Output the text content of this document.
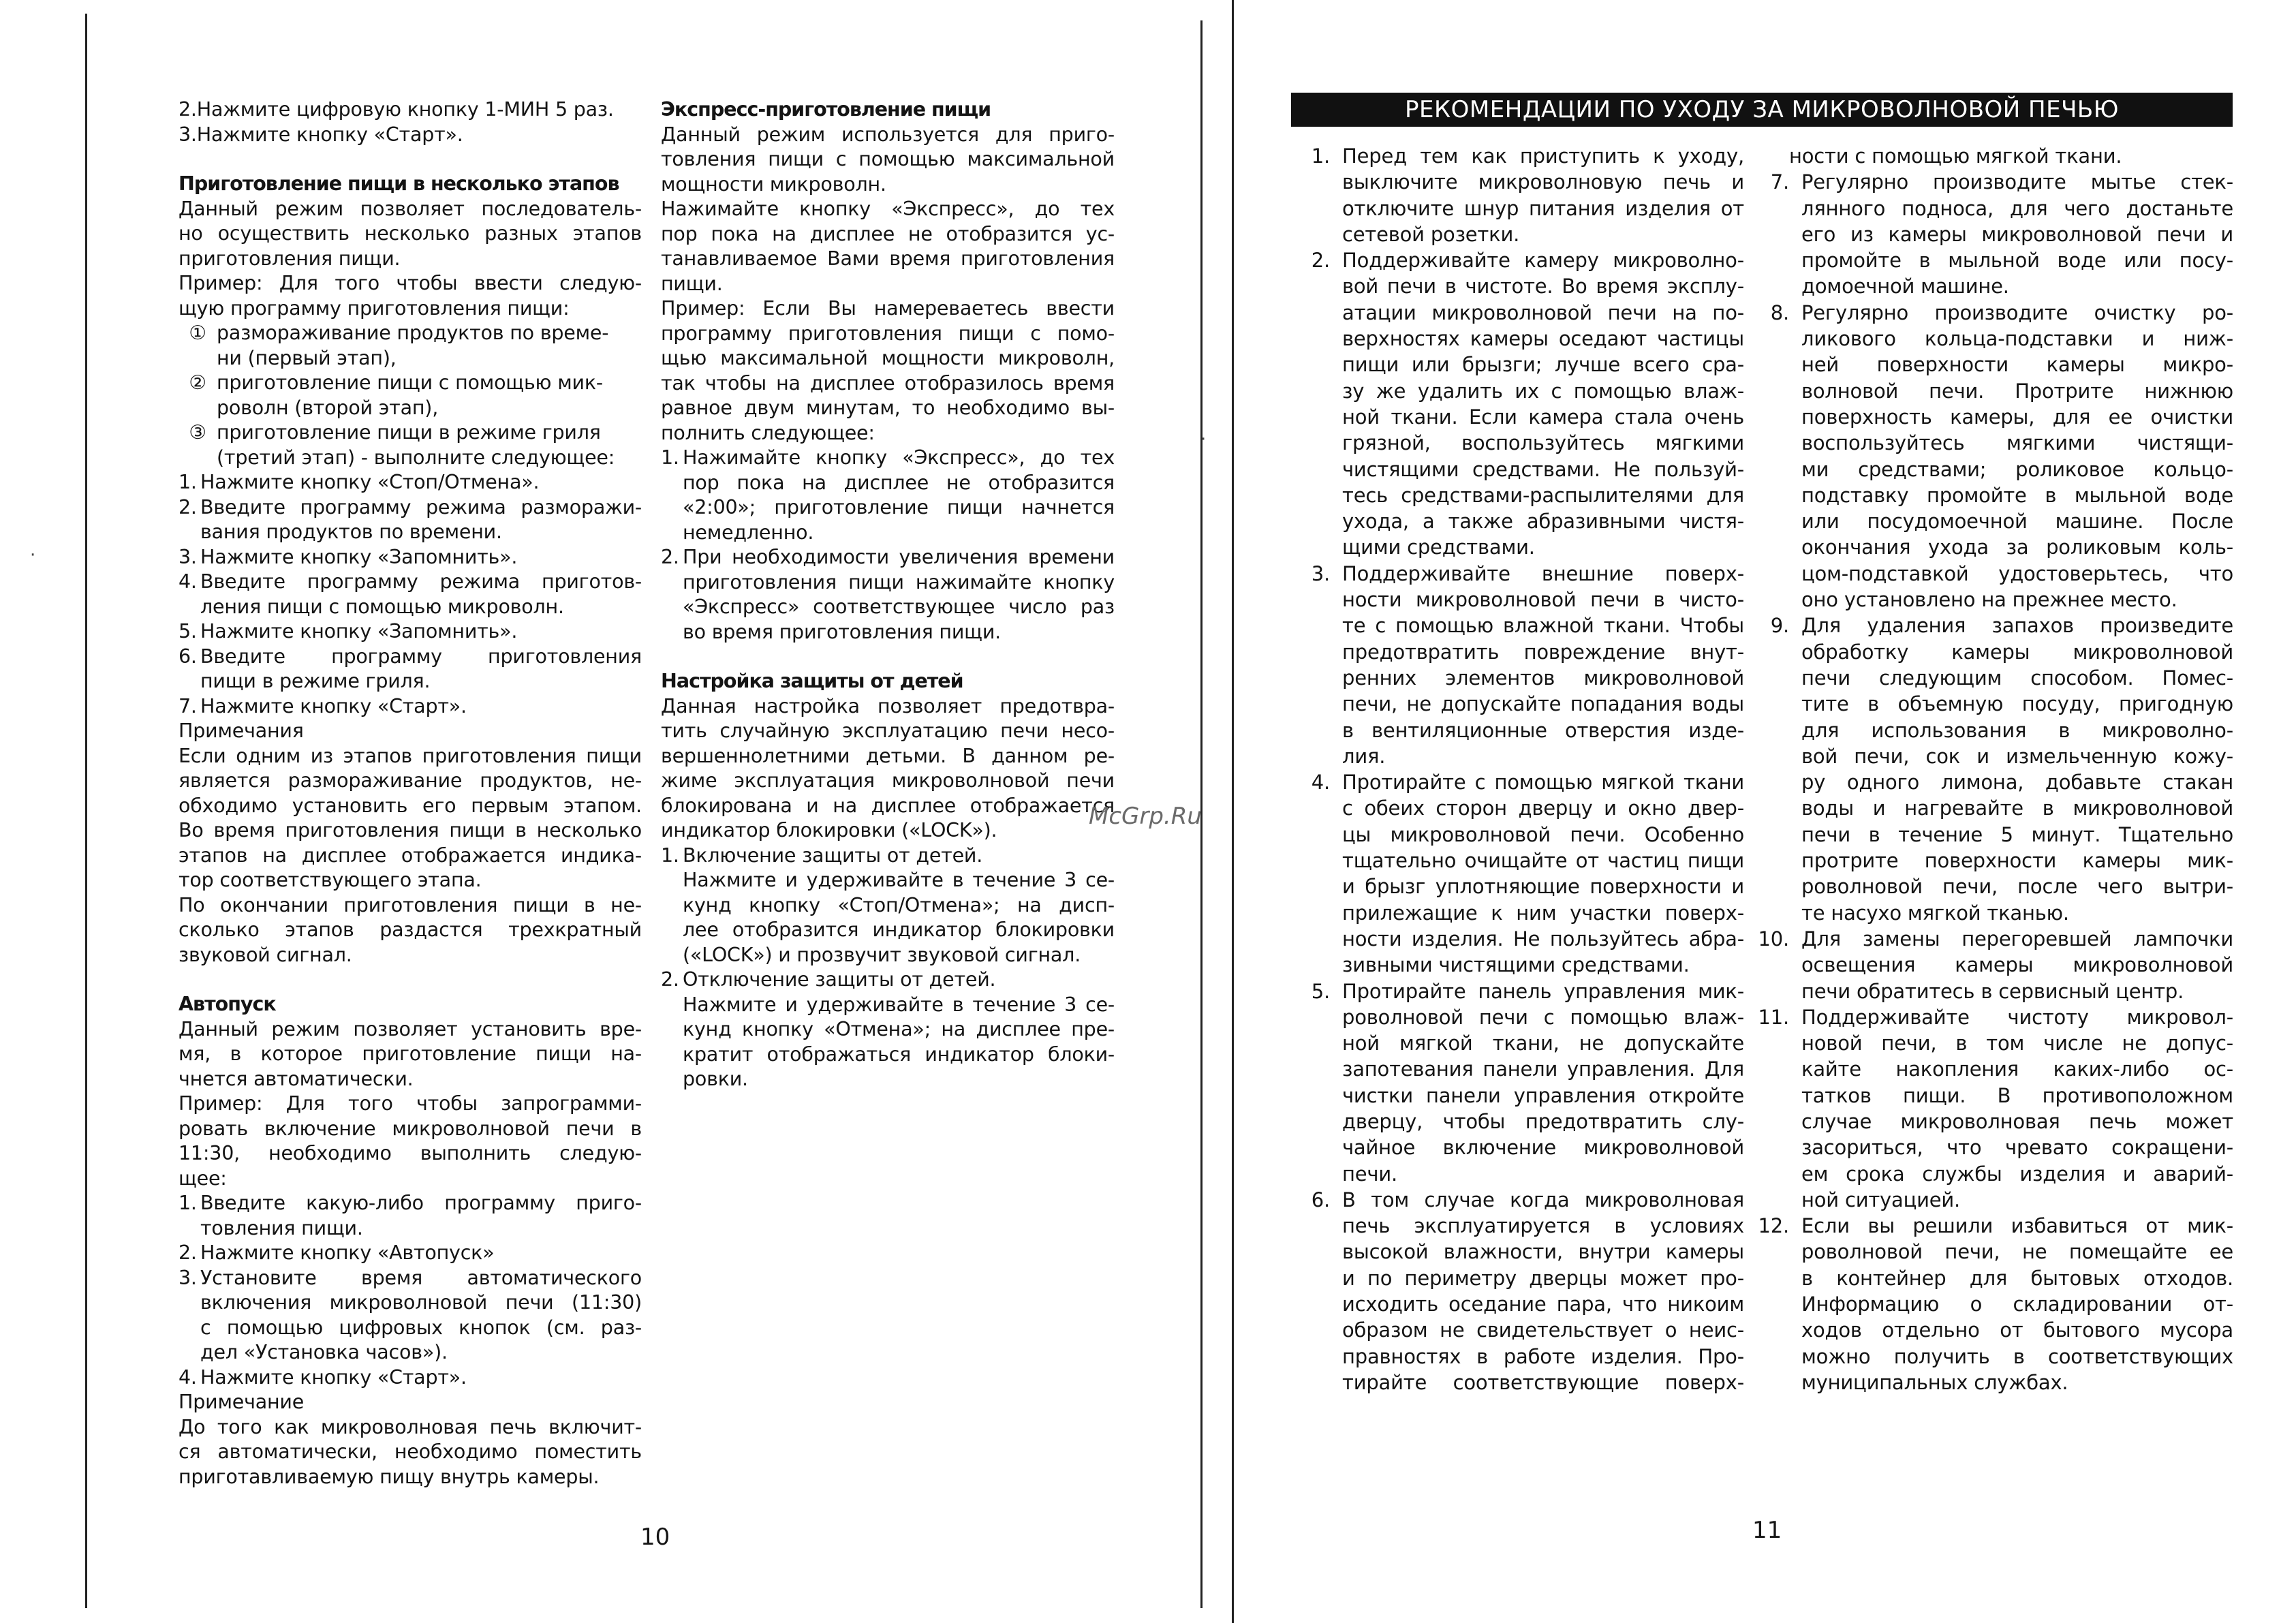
·
·

2.Нажмите цифровую кнопку 1-МИН 5 раз.

3.Нажмите кнопку «Старт».

Приготовление пищи в несколько этапов

Данный режим позволяет последователь-

но осуществить несколько разных этапов

приготовления пищи.

Пример: Для того чтобы ввести следую-

щую программу приготовления пищи:

① размораживание продуктов по време-

ни (первый этап),

② приготовление пищи с помощью мик-

роволн (второй этап),

③ приготовление пищи в режиме гриля

(третий этап) - выполните следующее:

1. Нажмите кнопку «Стоп/Отмена».

2. Введите программу режима разморажи-

вания продуктов по времени.

3. Нажмите кнопку «Запомнить».

4. Введите программу режима приготов-

ления пищи с помощью микроволн.

5. Нажмите кнопку «Запомнить».

6. Введите программу приготовления

пищи в режиме гриля.

7. Нажмите кнопку «Старт».

Примечания

Если одним из этапов приготовления пищи

является размораживание продуктов, не-

обходимо установить его первым этапом.

Во время приготовления пищи в несколько

этапов на дисплее отображается индика-

тор соответствующего этапа.

По окончании приготовления пищи в не-

сколько этапов раздастся трехкратный

звуковой сигнал.

Автопуск

Данный режим позволяет установить вре-

мя, в которое приготовление пищи на-

чнется автоматически.

Пример: Для того чтобы запрограмми-

ровать включение микроволновой печи в

11:30, необходимо выполнить следую-

щее:

1. Введите какую-либо программу приго-

товления пищи.

2. Нажмите кнопку «Автопуск»

3. Установите время автоматического

включения микроволновой печи (11:30)

с помощью цифровых кнопок (см. раз-

дел «Установка часов»).

4. Нажмите кнопку «Старт».

Примечание

До того как микроволновая печь включит-

ся автоматически, необходимо поместить

приготавливаемую пищу внутрь камеры.

Экспресс-приготовление пищи

Данный режим используется для приго-

товления пищи с помощью максимальной

мощности микроволн.

Нажимайте кнопку «Экспресс», до тех

пор пока на дисплее не отобразится ус-

танавливаемое Вами время приготовления

пищи.

Пример: Если Вы намереваетесь ввести

программу приготовления пищи с помо-

щью максимальной мощности микроволн,

так чтобы на дисплее отобразилось время

равное двум минутам, то необходимо вы-

полнить следующее:

1. Нажимайте кнопку «Экспресс», до тех

пор пока на дисплее не отобразится

«2:00»; приготовление пищи начнется

немедленно.

2. При необходимости увеличения времени

приготовления пищи нажимайте кнопку

«Экспресс» соответствующее число раз

во время приготовления пищи.

Настройка защиты от детей

Данная настройка позволяет предотвра-

тить случайную эксплуатацию печи несо-

вершеннолетними детьми. В данном ре-

жиме эксплуатация микроволновой печи

блокирована и на дисплее отображается

индикатор блокировки («LOCK»).

1. Включение защиты от детей.

Нажмите и удерживайте в течение 3 се-

кунд кнопку «Стоп/Отмена»; на дисп-

лее отобразится индикатор блокировки

(«LOCK») и прозвучит звуковой сигнал.

2. Отключение защиты от детей.

Нажмите и удерживайте в течение 3 се-

кунд кнопку «Отмена»; на дисплее пре-

кратит отображаться индикатор блоки-

ровки.

McGrp.Ru
10
РЕКОМЕНДАЦИИ ПО УХОДУ ЗА МИКРОВОЛНОВОЙ ПЕЧЬЮ
1. Перед тем как приступить к уходу,

выключите микроволновую печь и

отключите шнур питания изделия от

сетевой розетки.

2. Поддерживайте камеру микроволно-

вой печи в чистоте. Во время эксплу-

атации микроволновой печи на по-

верхностях камеры оседают частицы

пищи или брызги; лучше всего сра-

зу же удалить их с помощью влаж-

ной ткани. Если камера стала очень

грязной, воспользуйтесь мягкими

чистящими средствами. Не пользуй-

тесь средствами-распылителями для

ухода, а также абразивными чистя-

щими средствами.

3. Поддерживайте внешние поверх-

ности микроволновой печи в чисто-

те с помощью влажной ткани. Чтобы

предотвратить повреждение внут-

ренних элементов микроволновой

печи, не допускайте попадания воды

в вентиляционные отверстия изде-

лия.

4. Протирайте с помощью мягкой ткани

с обеих сторон дверцу и окно двер-

цы микроволновой печи. Особенно

тщательно очищайте от частиц пищи

и брызг уплотняющие поверхности и

прилежащие к ним участки поверх-

ности изделия. Не пользуйтесь абра-

зивными чистящими средствами.

5. Протирайте панель управления мик-

роволновой печи с помощью влаж-

ной мягкой ткани, не допускайте

запотевания панели управления. Для

чистки панели управления откройте

дверцу, чтобы предотвратить слу-

чайное включение микроволновой

печи.

6. В том случае когда микроволновая

печь эксплуатируется в условиях

высокой влажности, внутри камеры

и по периметру дверцы может про-

исходить оседание пара, что никоим

образом не свидетельствует о неис-

правностях в работе изделия. Про-

тирайте соответствующие поверх-

ности с помощью мягкой ткани.

7. Регулярно производите мытье стек-

лянного подноса, для чего достаньте

его из камеры микроволновой печи и

промойте в мыльной воде или посу-

домоечной машине.

8. Регулярно производите очистку ро-

ликового кольца-подставки и ниж-

ней поверхности камеры микро-

волновой печи. Протрите нижнюю

поверхность камеры, для ее очистки

воспользуйтесь мягкими чистящи-

ми средствами; роликовое кольцо-

подставку промойте в мыльной воде

или посудомоечной машине. После

окончания ухода за роликовым коль-

цом-подставкой удостоверьтесь, что

оно установлено на прежнее место.

9. Для удаления запахов произведите

обработку камеры микроволновой

печи следующим способом. Помес-

тите в объемную посуду, пригодную

для использования в микроволно-

вой печи, сок и измельченную кожу-

ру одного лимона, добавьте стакан

воды и нагревайте в микроволновой

печи в течение 5 минут. Тщательно

протрите поверхности камеры мик-

роволновой печи, после чего вытри-

те насухо мягкой тканью.

10. Для замены перегоревшей лампочки

освещения камеры микроволновой

печи обратитесь в сервисный центр.

11. Поддерживайте чистоту микровол-

новой печи, в том числе не допус-

кайте накопления каких-либо ос-

татков пищи. В противоположном

случае микроволновая печь может

засориться, что чревато сокращени-

ем срока службы изделия и аварий-

ной ситуацией.

12. Если вы решили избавиться от мик-

роволновой печи, не помещайте ее

в контейнер для бытовых отходов.

Информацию о складировании от-

ходов отдельно от бытового мусора

можно получить в соответствующих

муниципальных службах.

11
